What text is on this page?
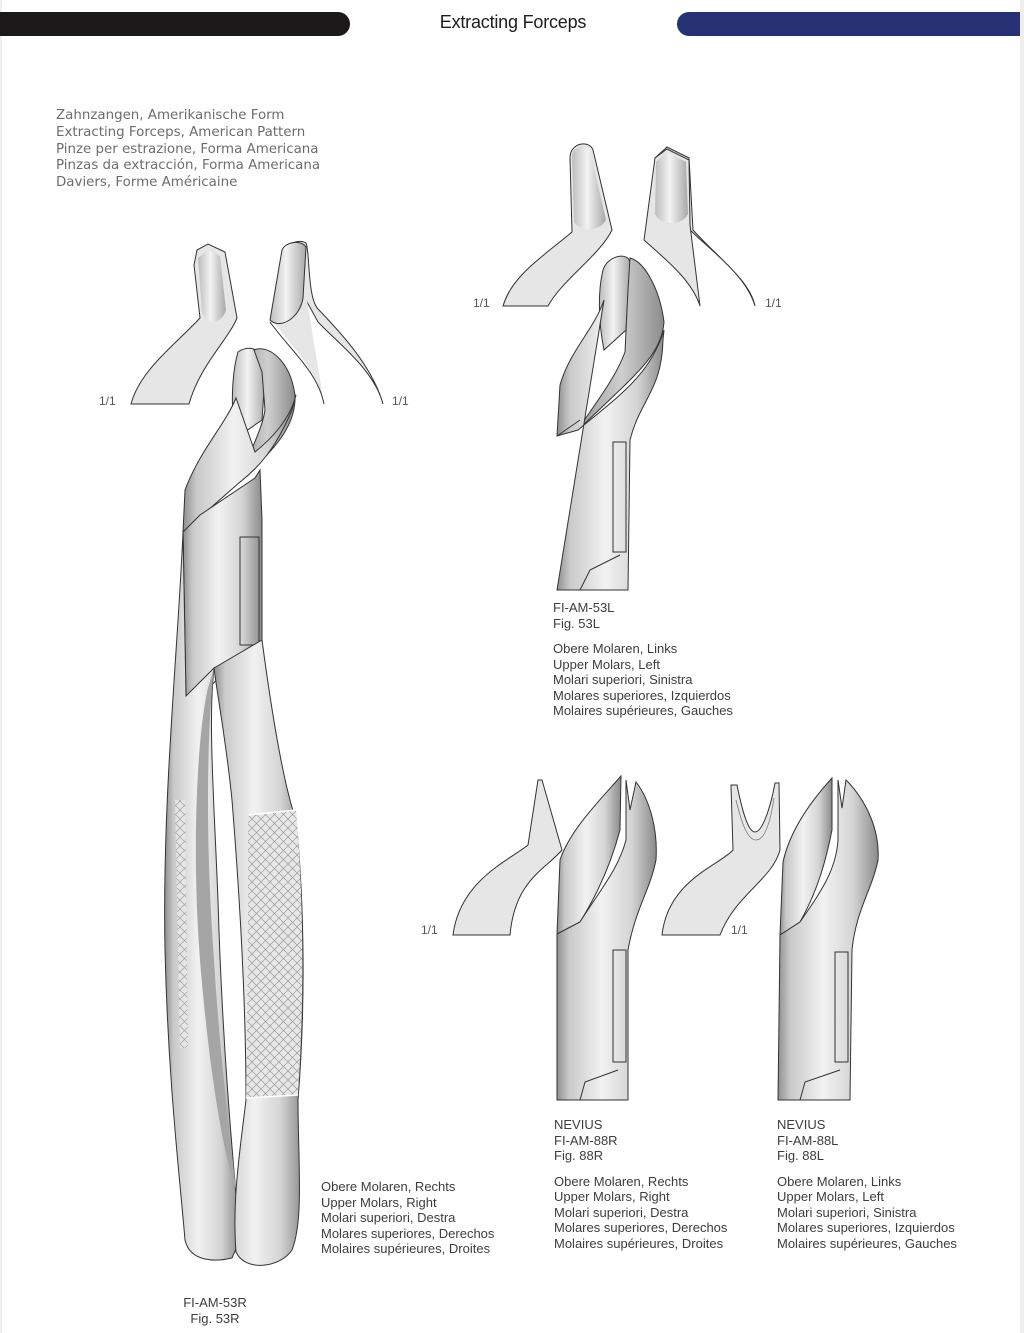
Extracting Forceps
Zahnzangen, Amerikanische Form
Extracting Forceps, American Pattern
Pinze per estrazione, Forma Americana
Pinzas da extracción, Forma Americana
Daviers, Forme Américaine
1/1	1/1
1/1	1/1
1/1	1/1
FI-AM-53L
Fig. 53L
Obere Molaren, Links
Upper Molars, Left
Molari superiori, Sinistra
Molares superiores, Izquierdos
Molaires supérieures, Gauches
Obere Molaren, Rechts
Upper Molars, Right
Molari superiori, Destra
Molares superiores, Derechos
Molaires supérieures, Droites
FI-AM-53R
Fig. 53R
NEVIUS
FI-AM-88R
Fig. 88R
Obere Molaren, Rechts
Upper Molars, Right
Molari superiori, Destra
Molares superiores, Derechos
Molaires supérieures, Droites
NEVIUS
FI-AM-88L
Fig. 88L
Obere Molaren, Links
Upper Molars, Left
Molari superiori, Sinistra
Molares superiores, Izquierdos
Molaires supérieures, Gauches
